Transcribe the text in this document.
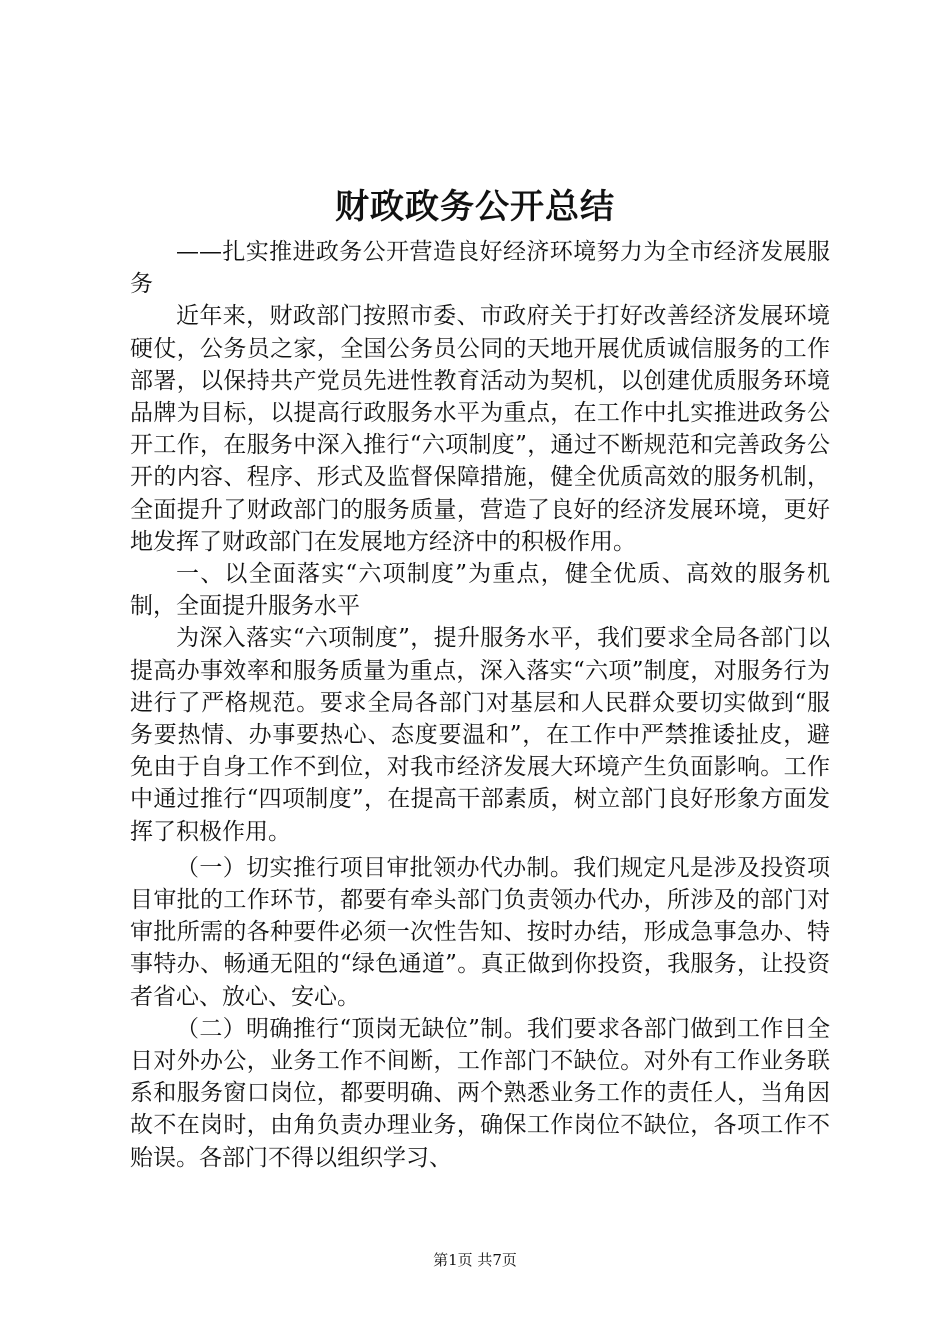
财政政务公开总结

——扎实推进政务公开营造良好经济环境努力为全市经济发展服务

近年来，财政部门按照市委、市政府关于打好改善经济发展环境硬仗，公务员之家，全国公务员公同的天地开展优质诚信服务的工作部署，以保持共产党员先进性教育活动为契机，以创建优质服务环境品牌为目标，以提高行政服务水平为重点，在工作中扎实推进政务公开工作，在服务中深入推行“六项制度”，通过不断规范和完善政务公开的内容、程序、形式及监督保障措施，健全优质高效的服务机制，全面提升了财政部门的服务质量，营造了良好的经济发展环境，更好地发挥了财政部门在发展地方经济中的积极作用。

一、以全面落实“六项制度”为重点，健全优质、高效的服务机制，全面提升服务水平

为深入落实“六项制度”，提升服务水平，我们要求全局各部门以提高办事效率和服务质量为重点，深入落实“六项”制度，对服务行为进行了严格规范。要求全局各部门对基层和人民群众要切实做到“服务要热情、办事要热心、态度要温和”，在工作中严禁推诿扯皮，避免由于自身工作不到位，对我市经济发展大环境产生负面影响。工作中通过推行“四项制度”，在提高干部素质，树立部门良好形象方面发挥了积极作用。

（一）切实推行项目审批领办代办制。我们规定凡是涉及投资项目审批的工作环节，都要有牵头部门负责领办代办，所涉及的部门对审批所需的各种要件必须一次性告知、按时办结，形成急事急办、特事特办、畅通无阻的“绿色通道”。真正做到你投资，我服务，让投资者省心、放心、安心。

（二）明确推行“顶岗无缺位”制。我们要求各部门做到工作日全日对外办公，业务工作不间断，工作部门不缺位。对外有工作业务联系和服务窗口岗位，都要明确、两个熟悉业务工作的责任人，当角因故不在岗时，由角负责办理业务，确保工作岗位不缺位，各项工作不贻误。各部门不得以组织学习、

第1页 共7页
